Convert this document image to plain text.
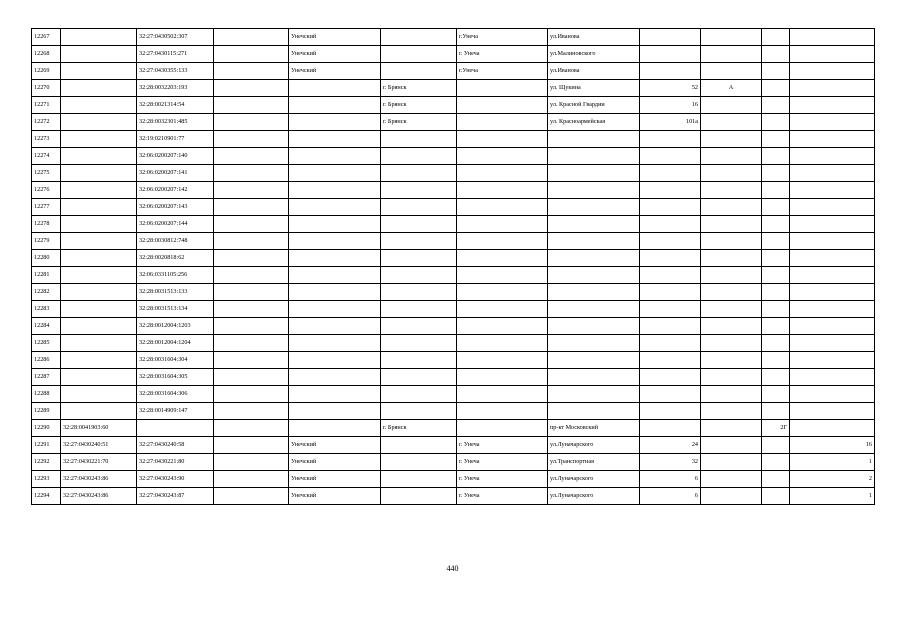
12267		32:27:0430502:307		Унечский		г.Унеча	ул.Иванова				
12268		32:27:0430115:271		Унечский		г. Унеча	ул.Малиновского				
12269		32:27:0430355:133		Унечский		г.Унеча	ул.Иванова				
12270		32:28:0032203:193			г. Брянск		ул. Щукина	52	А		
12271		32:28:0021314:54			г. Брянск		ул. Красной Гвардии	16			
12272		32:28:0032301:485			г. Брянск		ул. Красноармейская	101а			
12273		32:19:0210901:77									
12274		32:06:0200207:140									
12275		32:06:0200207:141									
12276		32:06:0200207:142									
12277		32:06:0200207:143									
12278		32:06:0200207:144									
12279		32:28:0030812:748									
12280		32:28:0020818:62									
12281		32:06:0331105:256									
12282		32:28:0031513:133									
12283		32:28:0031513:134									
12284		32:28:0012004:1203									
12285		32:28:0012004:1204									
12286		32:28:0031604:304									
12287		32:28:0031604:305									
12288		32:28:0031604:306									
12289		32:28:0014909:147									
12290	32:28:0041903:60				г. Брянск		пр-кт Московский			2Г	
12291	32:27:0430240:51	32:27:0430240:58		Унечский		г. Унеча	ул.Луначарского	24			16
12292	32:27:0430221:70	32:27:0430221:80		Унечский		г. Унеча	ул.Транспортная	32			1
12293	32:27:0430243:86	32:27:0430243:90		Унечский		г. Унеча	ул.Луначарского	6			2
12294	32:27:0430243:86	32:27:0430243:87		Унечский		г. Унеча	ул.Луначарского	6			1
440
